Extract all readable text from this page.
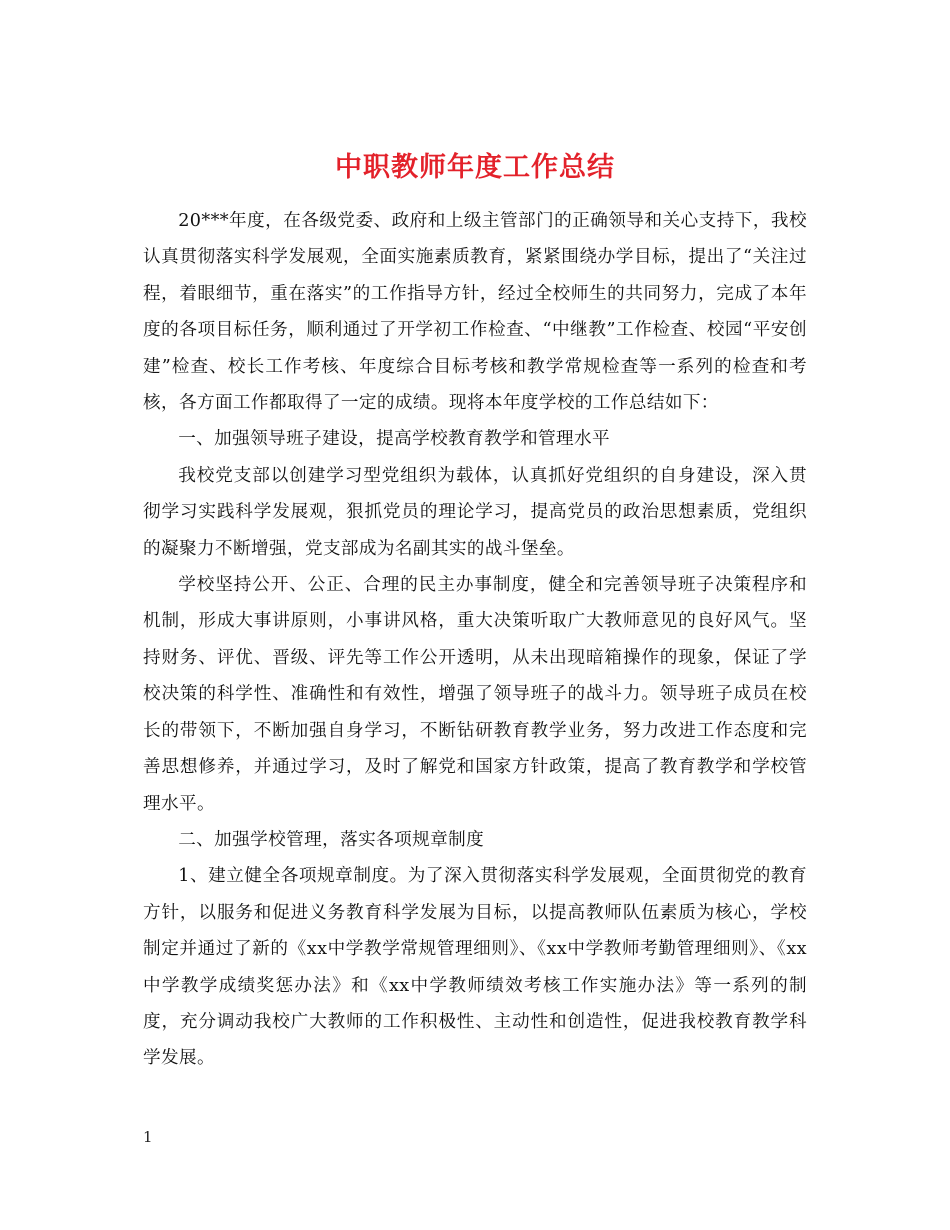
中职教师年度工作总结

20***年度，在各级党委、政府和上级主管部门的正确领导和关心支持下，我校认真贯彻落实科学发展观，全面实施素质教育，紧紧围绕办学目标，提出了“关注过程，着眼细节，重在落实”的工作指导方针，经过全校师生的共同努力，完成了本年度的各项目标任务，顺利通过了开学初工作检查、“中继教”工作检查、校园“平安创建”检查、校长工作考核、年度综合目标考核和教学常规检查等一系列的检查和考核，各方面工作都取得了一定的成绩。现将本年度学校的工作总结如下：

一、加强领导班子建设，提高学校教育教学和管理水平

我校党支部以创建学习型党组织为载体，认真抓好党组织的自身建设，深入贯彻学习实践科学发展观，狠抓党员的理论学习，提高党员的政治思想素质，党组织的凝聚力不断增强，党支部成为名副其实的战斗堡垒。

学校坚持公开、公正、合理的民主办事制度，健全和完善领导班子决策程序和机制，形成大事讲原则，小事讲风格，重大决策听取广大教师意见的良好风气。坚持财务、评优、晋级、评先等工作公开透明，从未出现暗箱操作的现象，保证了学校决策的科学性、准确性和有效性，增强了领导班子的战斗力。领导班子成员在校长的带领下，不断加强自身学习，不断钻研教育教学业务，努力改进工作态度和完善思想修养，并通过学习，及时了解党和国家方针政策，提高了教育教学和学校管理水平。

二、加强学校管理，落实各项规章制度

1、建立健全各项规章制度。为了深入贯彻落实科学发展观，全面贯彻党的教育方针，以服务和促进义务教育科学发展为目标，以提高教师队伍素质为核心，学校制定并通过了新的《xx中学教学常规管理细则》、《xx中学教师考勤管理细则》、《xx中学教学成绩奖惩办法》和《xx中学教师绩效考核工作实施办法》等一系列的制度，充分调动我校广大教师的工作积极性、主动性和创造性，促进我校教育教学科学发展。

1
